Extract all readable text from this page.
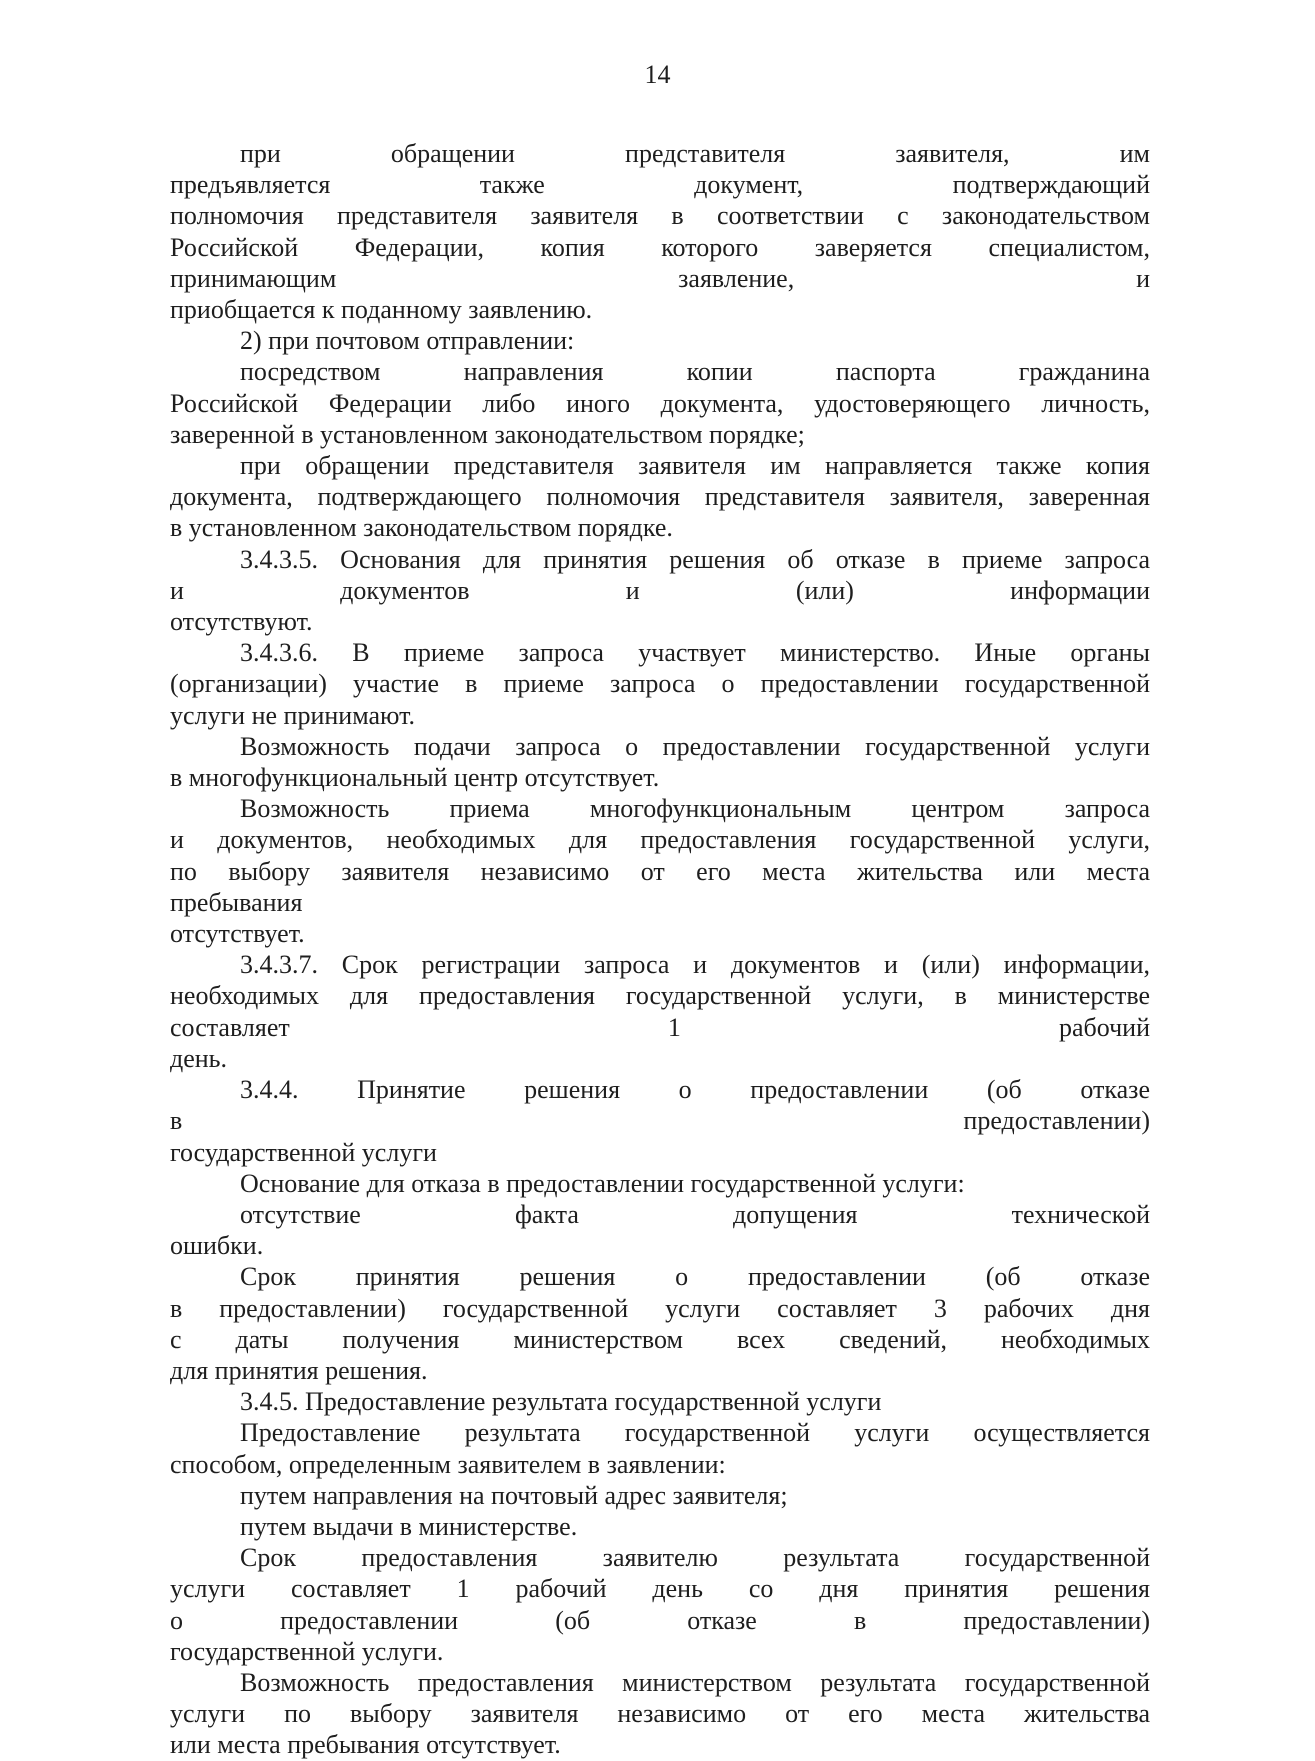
14

при обращении представителя заявителя, им
предъявляется также документ, подтверждающий
полномочия представителя заявителя в соответствии с законодательством
Российской Федерации, копия которого заверяется специалистом,
принимающим заявление, и
приобщается к поданному заявлению.

2) при почтовом отправлении:

посредством направления копии паспорта гражданина
Российской Федерации либо иного документа, удостоверяющего личность,
заверенной в установленном законодательством порядке;

при обращении представителя заявителя им направляется также копия
документа, подтверждающего полномочия представителя заявителя, заверенная
в установленном законодательством порядке.

3.4.3.5. Основания для принятия решения об отказе в приеме запроса
и документов и (или) информации
отсутствуют.

3.4.3.6. В приеме запроса участвует министерство. Иные органы
(организации) участие в приеме запроса о предоставлении государственной
услуги не принимают.

Возможность подачи запроса о предоставлении государственной услуги
в многофункциональный центр отсутствует.

Возможность приема многофункциональным центром запроса
и документов, необходимых для предоставления государственной услуги,
по выбору заявителя независимо от его места жительства или места
пребывания
отсутствует.

3.4.3.7. Срок регистрации запроса и документов и (или) информации,
необходимых для предоставления государственной услуги, в министерстве
составляет 1 рабочий
день.

3.4.4. Принятие решения о предоставлении (об отказе
в предоставлении)
государственной услуги

Основание для отказа в предоставлении государственной услуги:

отсутствие факта допущения технической
ошибки.

Срок принятия решения о предоставлении (об отказе
в предоставлении) государственной услуги составляет 3 рабочих дня
с даты получения министерством всех сведений, необходимых
для принятия решения.

3.4.5. Предоставление результата государственной услуги

Предоставление результата государственной услуги осуществляется
способом, определенным заявителем в заявлении:

путем направления на почтовый адрес заявителя;

путем выдачи в министерстве.

Срок предоставления заявителю результата государственной
услуги составляет 1 рабочий день со дня принятия решения
о предоставлении (об отказе в предоставлении)
государственной услуги.

Возможность предоставления министерством результата государственной
услуги по выбору заявителя независимо от его места жительства
или места пребывания отсутствует.
